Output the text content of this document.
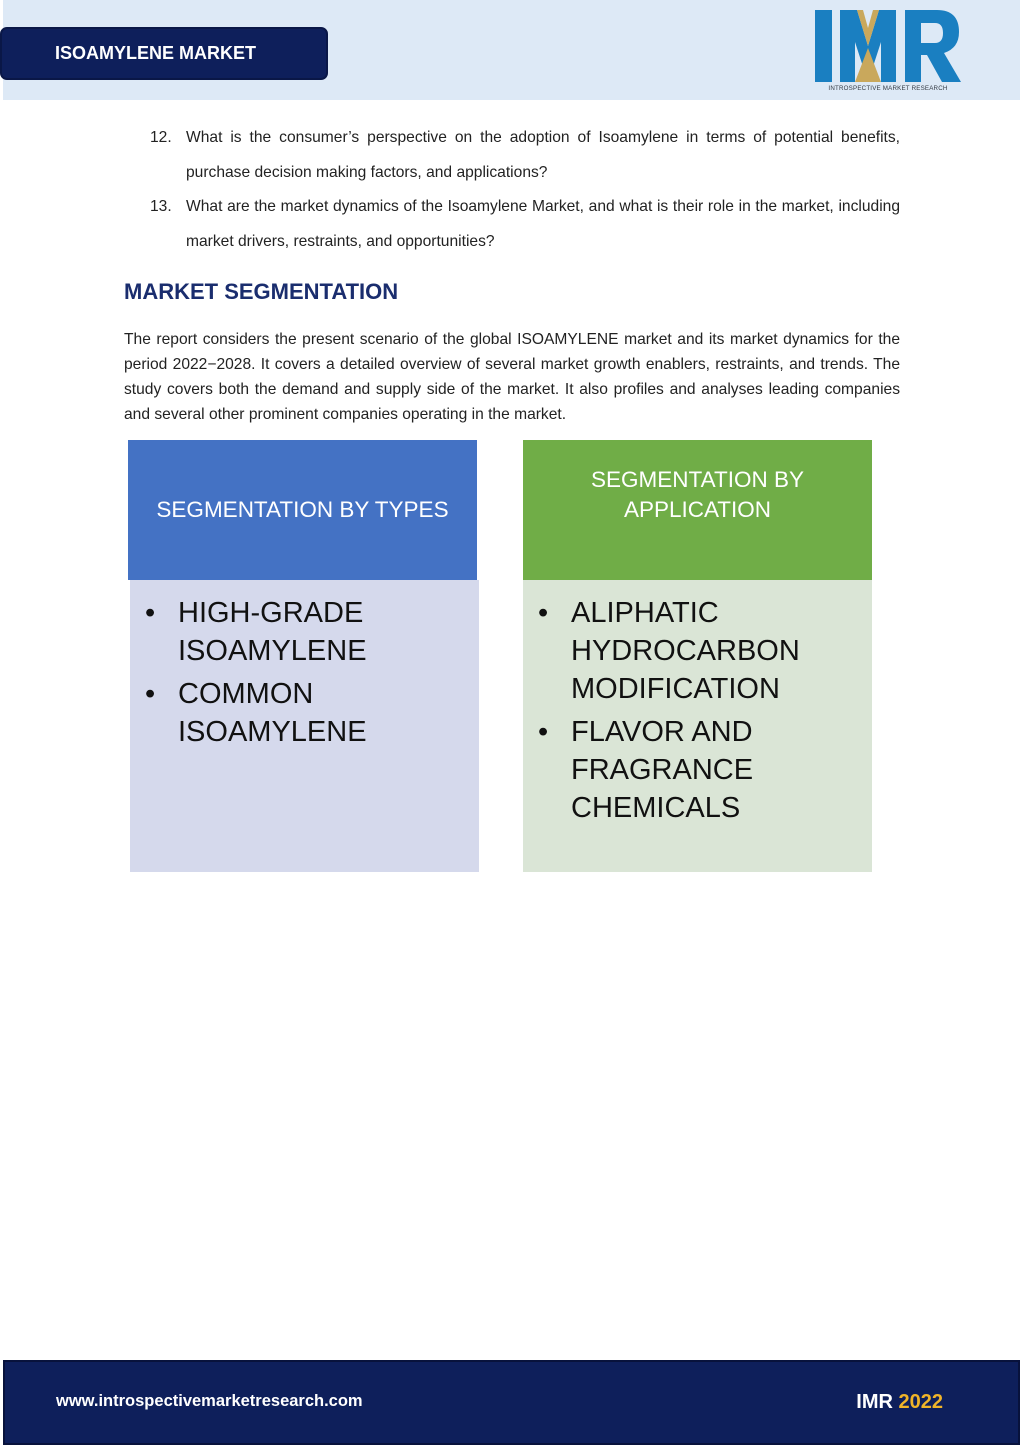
ISOAMYLENE MARKET
INTROSPECTIVE MARKET RESEARCH
12. What is the consumer’s perspective on the adoption of Isoamylene in terms of potential benefits, purchase decision making factors, and applications?
13. What are the market dynamics of the Isoamylene Market, and what is their role in the market, including market drivers, restraints, and opportunities?
MARKET SEGMENTATION

The report considers the present scenario of the global ISOAMYLENE market and its market dynamics for the period 2022−2028. It covers a detailed overview of several market growth enablers, restraints, and trends. The study covers both the demand and supply side of the market. It also profiles and analyses leading companies and several other prominent companies operating in the market.

SEGMENTATION BY TYPES
• HIGH-GRADE ISOAMYLENE
• COMMON ISOAMYLENE
SEGMENTATION BY APPLICATION
• ALIPHATIC HYDROCARBON MODIFICATION
• FLAVOR AND FRAGRANCE CHEMICALS
www.introspectivemarketresearch.com	IMR 2022
